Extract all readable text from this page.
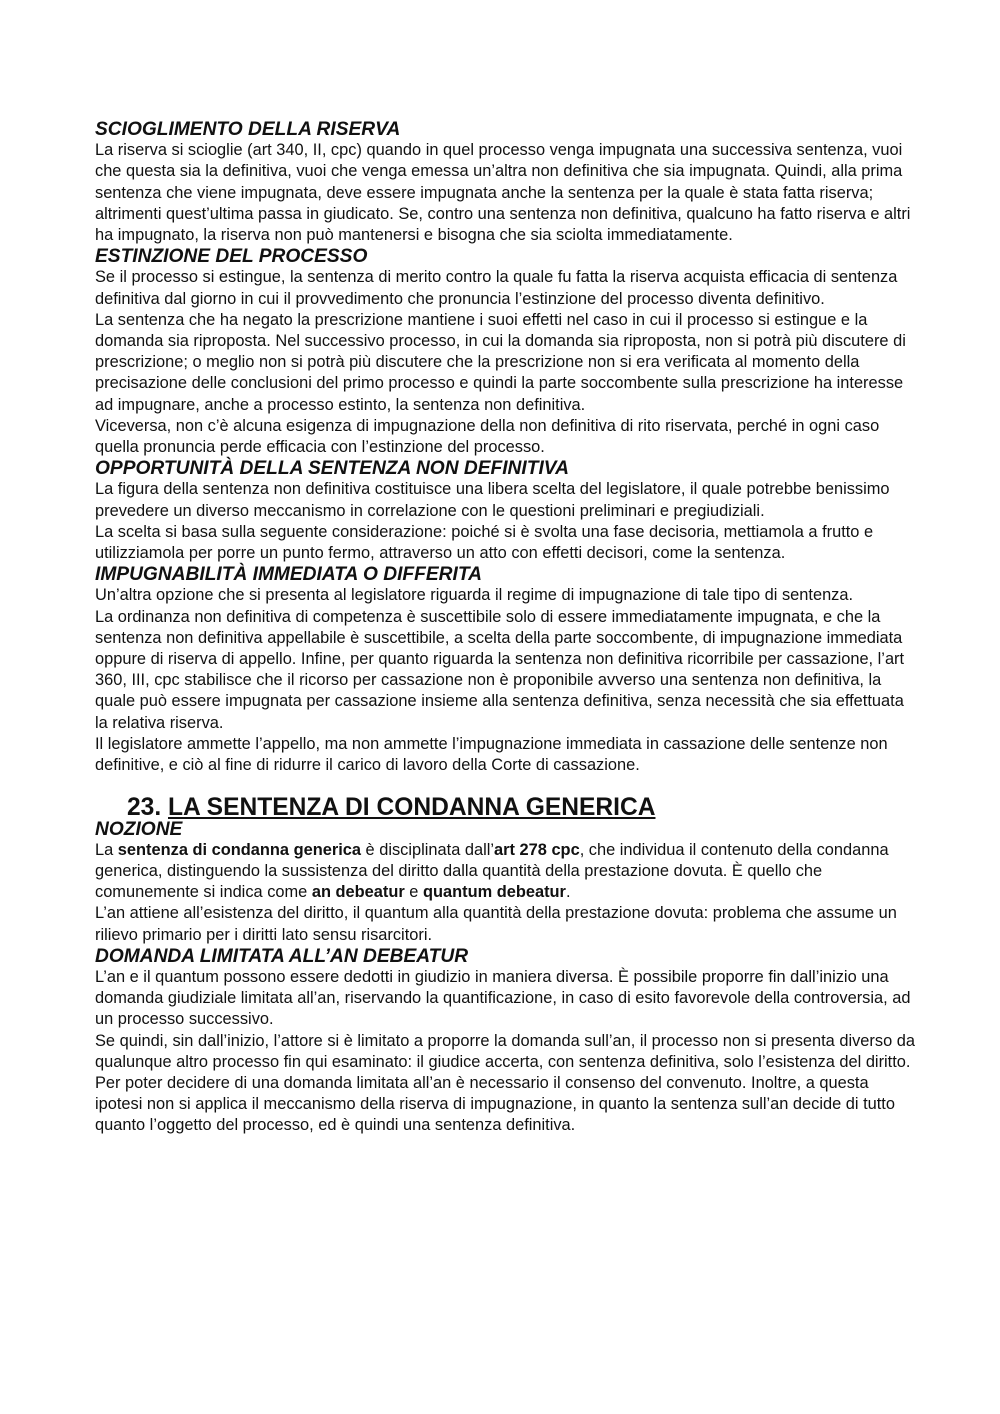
SCIOGLIMENTO DELLA RISERVA

La riserva si scioglie (art 340, II, cpc) quando in quel processo venga impugnata una successiva sentenza, vuoi che questa sia la definitiva, vuoi che venga emessa un’altra non definitiva che sia impugnata. Quindi, alla prima sentenza che viene impugnata, deve essere impugnata anche la sentenza per la quale è stata fatta riserva; altrimenti quest’ultima passa in giudicato. Se, contro una sentenza non definitiva, qualcuno ha fatto riserva e altri ha impugnato, la riserva non può mantenersi e bisogna che sia sciolta immediatamente.

ESTINZIONE DEL PROCESSO

Se il processo si estingue, la sentenza di merito contro la quale fu fatta la riserva acquista efficacia di sentenza definitiva dal giorno in cui il provvedimento che pronuncia l’estinzione del processo diventa definitivo.

La sentenza che ha negato la prescrizione mantiene i suoi effetti nel caso in cui il processo si estingue e la domanda sia riproposta. Nel successivo processo, in cui la domanda sia riproposta, non si potrà più discutere di prescrizione; o meglio non si potrà più discutere che la prescrizione non si era verificata al momento della precisazione delle conclusioni del primo processo e quindi la parte soccombente sulla prescrizione ha interesse ad impugnare, anche a processo estinto, la sentenza non definitiva.

Viceversa, non c’è alcuna esigenza di impugnazione della non definitiva di rito riservata, perché in ogni caso quella pronuncia perde efficacia con l’estinzione del processo.

OPPORTUNITÀ DELLA SENTENZA NON DEFINITIVA

La figura della sentenza non definitiva costituisce una libera scelta del legislatore, il quale potrebbe benissimo prevedere un diverso meccanismo in correlazione con le questioni preliminari e pregiudiziali.

La scelta si basa sulla seguente considerazione: poiché si è svolta una fase decisoria, mettiamola a frutto e utilizziamola per porre un punto fermo, attraverso un atto con effetti decisori, come la sentenza.

IMPUGNABILITÀ IMMEDIATA O DIFFERITA

Un’altra opzione che si presenta al legislatore riguarda il regime di impugnazione di tale tipo di sentenza.

La ordinanza non definitiva di competenza è suscettibile solo di essere immediatamente impugnata, e che la sentenza non definitiva appellabile è suscettibile, a scelta della parte soccombente, di impugnazione immediata oppure di riserva di appello. Infine, per quanto riguarda la sentenza non definitiva ricorribile per cassazione, l’art 360, III, cpc stabilisce che il ricorso per cassazione non è proponibile avverso una sentenza non definitiva, la quale può essere impugnata per cassazione insieme alla sentenza definitiva, senza necessità che sia effettuata la relativa riserva.

Il legislatore ammette l’appello, ma non ammette l’impugnazione immediata in cassazione delle sentenze non definitive, e ciò al fine di ridurre il carico di lavoro della Corte di cassazione.

23. LA SENTENZA DI CONDANNA GENERICA
NOZIONE

La sentenza di condanna generica è disciplinata dall’art 278 cpc, che individua il contenuto della condanna generica, distinguendo la sussistenza del diritto dalla quantità della prestazione dovuta. È quello che comunemente si indica come an debeatur e quantum debeatur.

L’an attiene all’esistenza del diritto, il quantum alla quantità della prestazione dovuta: problema che assume un rilievo primario per i diritti lato sensu risarcitori.

DOMANDA LIMITATA ALL’AN DEBEATUR

L’an e il quantum possono essere dedotti in giudizio in maniera diversa. È possibile proporre fin dall’inizio una domanda giudiziale limitata all’an, riservando la quantificazione, in caso di esito favorevole della controversia, ad un processo successivo.

Se quindi, sin dall’inizio, l’attore si è limitato a proporre la domanda sull’an, il processo non si presenta diverso da qualunque altro processo fin qui esaminato: il giudice accerta, con sentenza definitiva, solo l’esistenza del diritto.

Per poter decidere di una domanda limitata all’an è necessario il consenso del convenuto. Inoltre, a questa ipotesi non si applica il meccanismo della riserva di impugnazione, in quanto la sentenza sull’an decide di tutto quanto l’oggetto del processo, ed è quindi una sentenza definitiva.
